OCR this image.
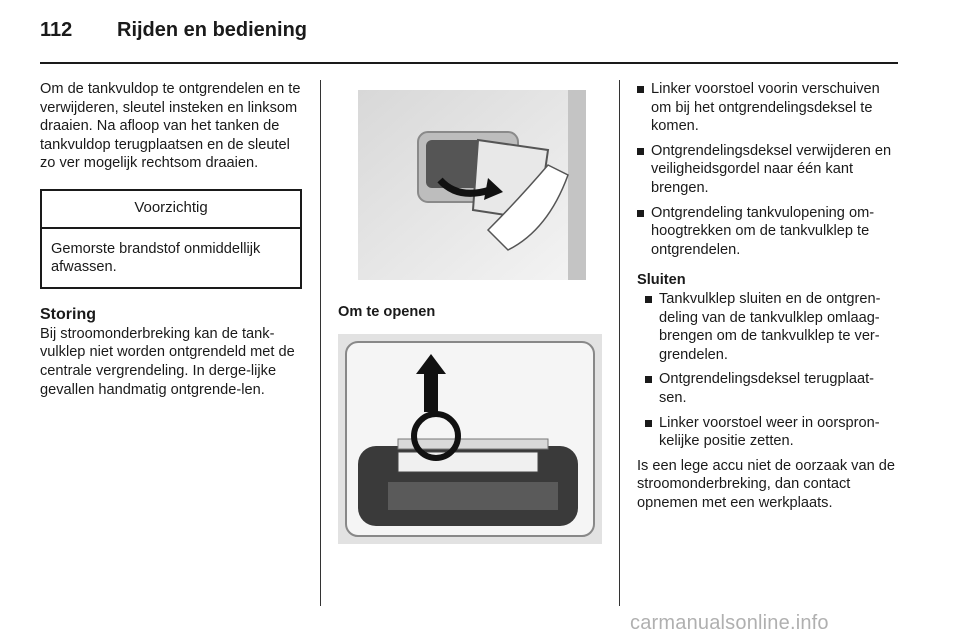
112 Rijden en bediening

Om de tankvuldop te ontgrendelen en te verwijderen, sleutel insteken en linksom draaien. Na afloop van het tanken de tankvuldop terugplaatsen en de sleutel zo ver mogelijk rechtsom draaien.

Voorzichtig
Gemorste brandstof onmiddellijk afwassen.
Storing

Bij stroomonderbreking kan de tank-vulklep niet worden ontgrendeld met de centrale vergrendeling. In derge-lijke gevallen handmatig ontgrende-len.

Om te openen
Linker voorstoel voorin verschuiven om bij het ontgrendelingsdeksel te komen.
Ontgrendelingsdeksel verwijderen en veiligheidsgordel naar één kant brengen.
Ontgrendeling tankvulopening om-hoogtrekken om de tankvulklep te ontgrendelen.
Sluiten
Tankvulklep sluiten en de ontgren-deling van de tankvulklep omlaag-brengen om de tankvulklep te ver-grendelen.
Ontgrendelingsdeksel terugplaat-sen.
Linker voorstoel weer in oorspron-kelijke positie zetten.

Is een lege accu niet de oorzaak van de stroomonderbreking, dan contact opnemen met een werkplaats.

carmanualsonline.info
